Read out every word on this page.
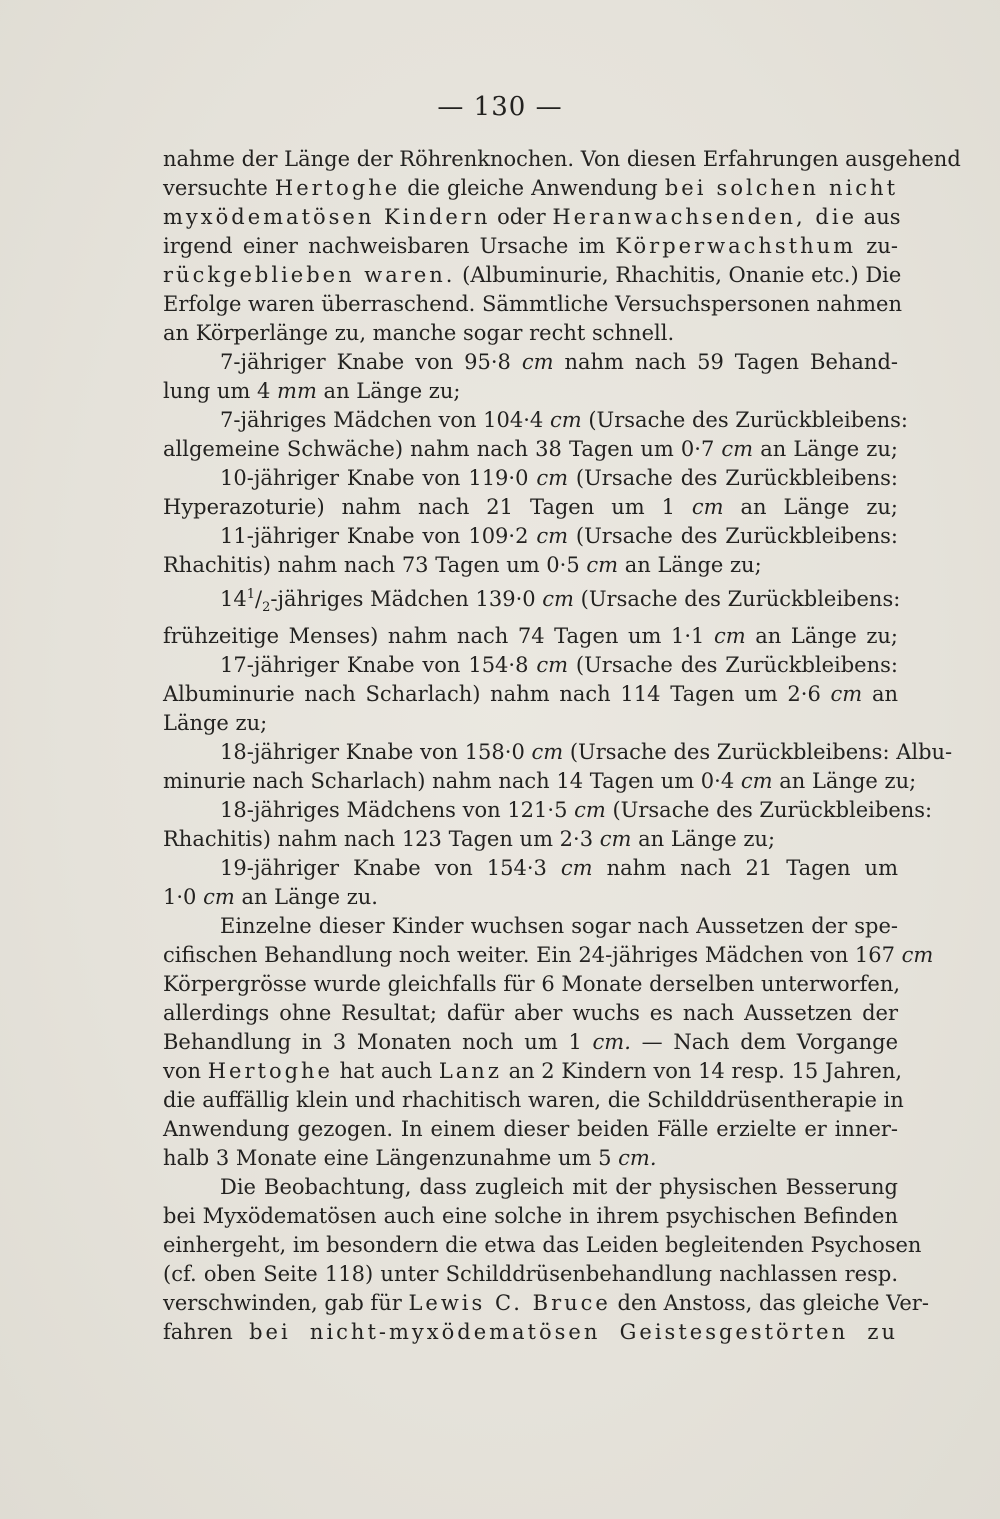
— 130 —
nahme der Länge der Röhrenknochen. Von diesen Erfahrungen ausgehend
versuchte Hertoghe die gleiche Anwendung bei solchen nicht
myxödematösen Kindern oder Heranwachsenden, die aus
irgend einer nachweisbaren Ursache im Körperwachsthum zu-
rückgeblieben waren. (Albuminurie, Rhachitis, Onanie etc.) Die
Erfolge waren überraschend. Sämmtliche Versuchspersonen nahmen
an Körperlänge zu, manche sogar recht schnell.
7-jähriger Knabe von 95·8 cm nahm nach 59 Tagen Behand-
lung um 4 mm an Länge zu;
7-jähriges Mädchen von 104·4 cm (Ursache des Zurückbleibens:
allgemeine Schwäche) nahm nach 38 Tagen um 0·7 cm an Länge zu;
10-jähriger Knabe von 119·0 cm (Ursache des Zurückbleibens:
Hyperazoturie) nahm nach 21 Tagen um 1 cm an Länge zu;
11-jähriger Knabe von 109·2 cm (Ursache des Zurückbleibens:
Rhachitis) nahm nach 73 Tagen um 0·5 cm an Länge zu;
$14^1/_2$-jähriges Mädchen 139·0 cm (Ursache des Zurückbleibens:
frühzeitige Menses) nahm nach 74 Tagen um 1·1 cm an Länge zu;
17-jähriger Knabe von 154·8 cm (Ursache des Zurückbleibens:
Albuminurie nach Scharlach) nahm nach 114 Tagen um 2·6 cm an
Länge zu;
18-jähriger Knabe von 158·0 cm (Ursache des Zurückbleibens: Albu-
minurie nach Scharlach) nahm nach 14 Tagen um 0·4 cm an Länge zu;
18-jähriges Mädchens von 121·5 cm (Ursache des Zurückbleibens:
Rhachitis) nahm nach 123 Tagen um 2·3 cm an Länge zu;
19-jähriger Knabe von 154·3 cm nahm nach 21 Tagen um
1·0 cm an Länge zu.
Einzelne dieser Kinder wuchsen sogar nach Aussetzen der spe-
cifischen Behandlung noch weiter. Ein 24-jähriges Mädchen von 167 cm
Körpergrösse wurde gleichfalls für 6 Monate derselben unterworfen,
allerdings ohne Resultat; dafür aber wuchs es nach Aussetzen der
Behandlung in 3 Monaten noch um 1 cm. — Nach dem Vorgange
von Hertoghe hat auch Lanz an 2 Kindern von 14 resp. 15 Jahren,
die auffällig klein und rhachitisch waren, die Schilddrüsentherapie in
Anwendung gezogen. In einem dieser beiden Fälle erzielte er inner-
halb 3 Monate eine Längenzunahme um 5 cm.
Die Beobachtung, dass zugleich mit der physischen Besserung
bei Myxödematösen auch eine solche in ihrem psychischen Befinden
einhergeht, im besondern die etwa das Leiden begleitenden Psychosen
(cf. oben Seite 118) unter Schilddrüsenbehandlung nachlassen resp.
verschwinden, gab für Lewis C. Bruce den Anstoss, das gleiche Ver-
fahren bei nicht-myxödematösen Geistesgestörten zu
